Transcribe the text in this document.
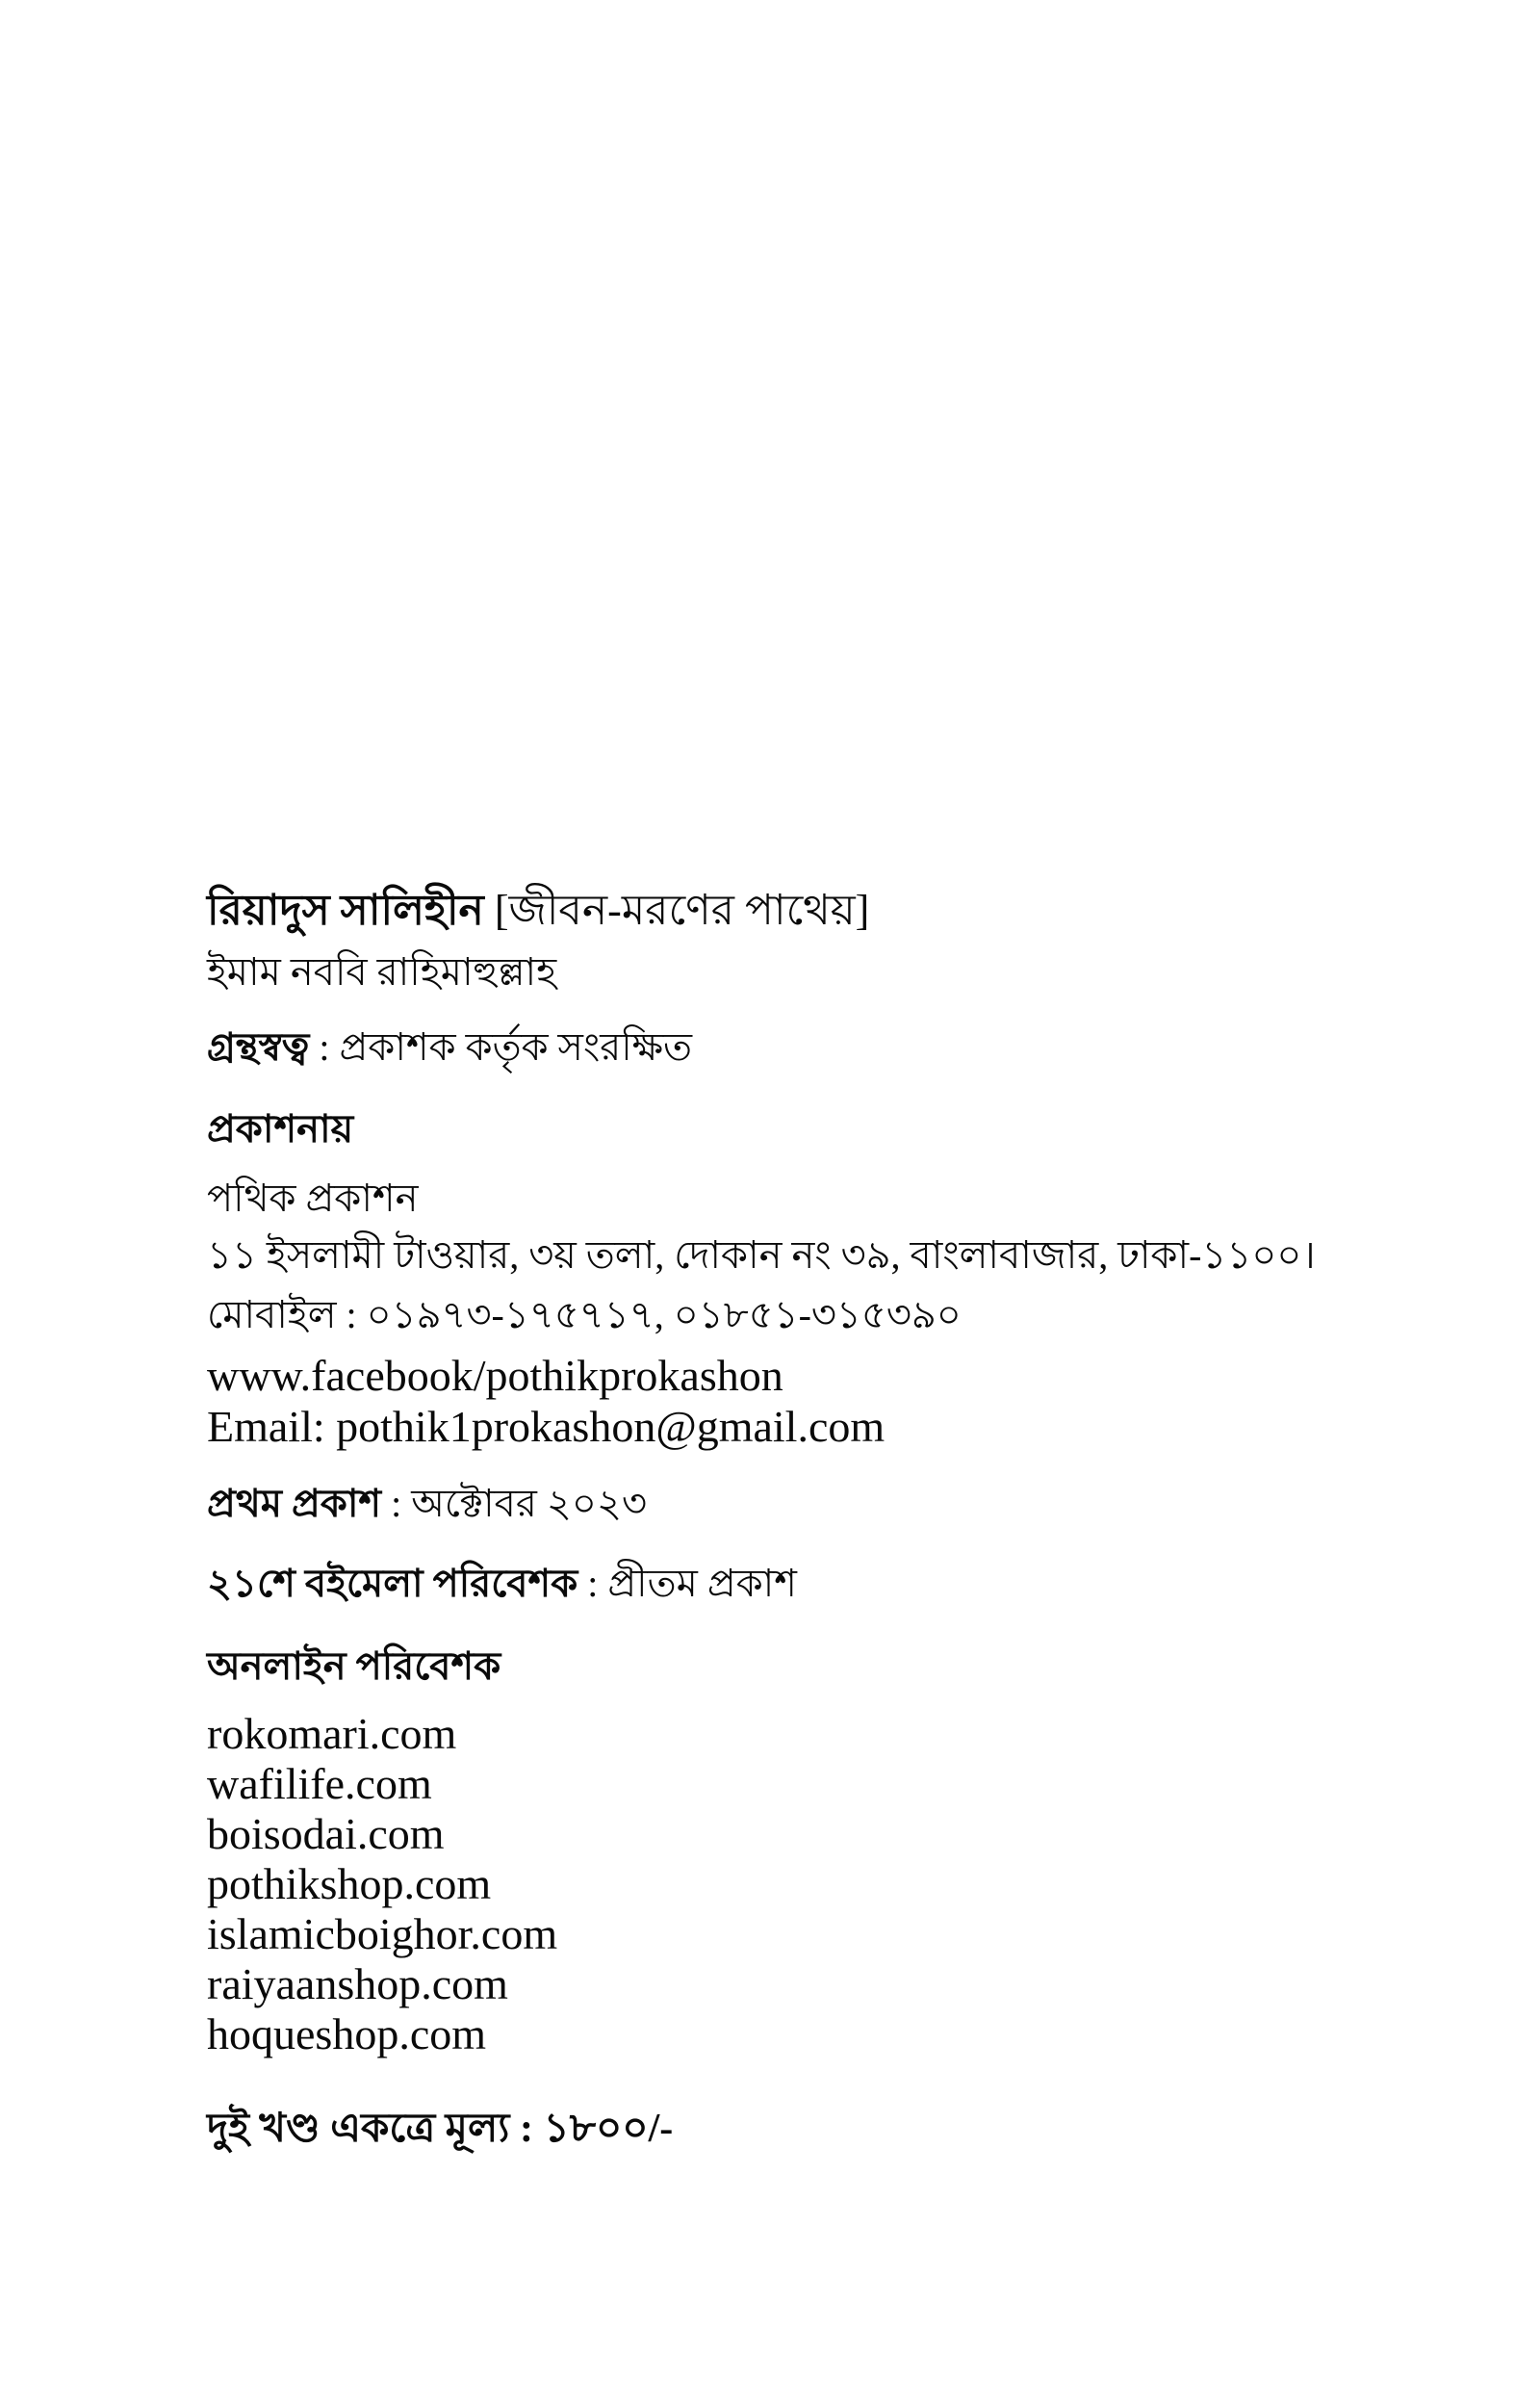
রিয়াদুস সালিহীন [জীবন-মরণের পাথেয়]
ইমাম নববি রাহিমাহুল্লাহ
গ্রন্থস্বত্ব : প্রকাশক কর্তৃক সংরক্ষিত
প্রকাশনায়
পথিক প্রকাশন
১১ ইসলামী টাওয়ার, ৩য় তলা, দোকান নং ৩৯, বাংলাবাজার, ঢাকা-১১০০।
মোবাইল : ০১৯৭৩-১৭৫৭১৭, ০১৮৫১-৩১৫৩৯০
www.facebook/pothikprokashon
Email: pothik1prokashon@gmail.com
প্রথম প্রকাশ : অক্টোবর ২০২৩
২১শে বইমেলা পরিবেশক : প্রীতম প্রকাশ
অনলাইন পরিবেশক
rokomari.com
wafilife.com
boisodai.com
pothikshop.com
islamicboighor.com
raiyaanshop.com
hoqueshop.com
দুই খণ্ড একত্রে মূল্য : ১৮০০/-
